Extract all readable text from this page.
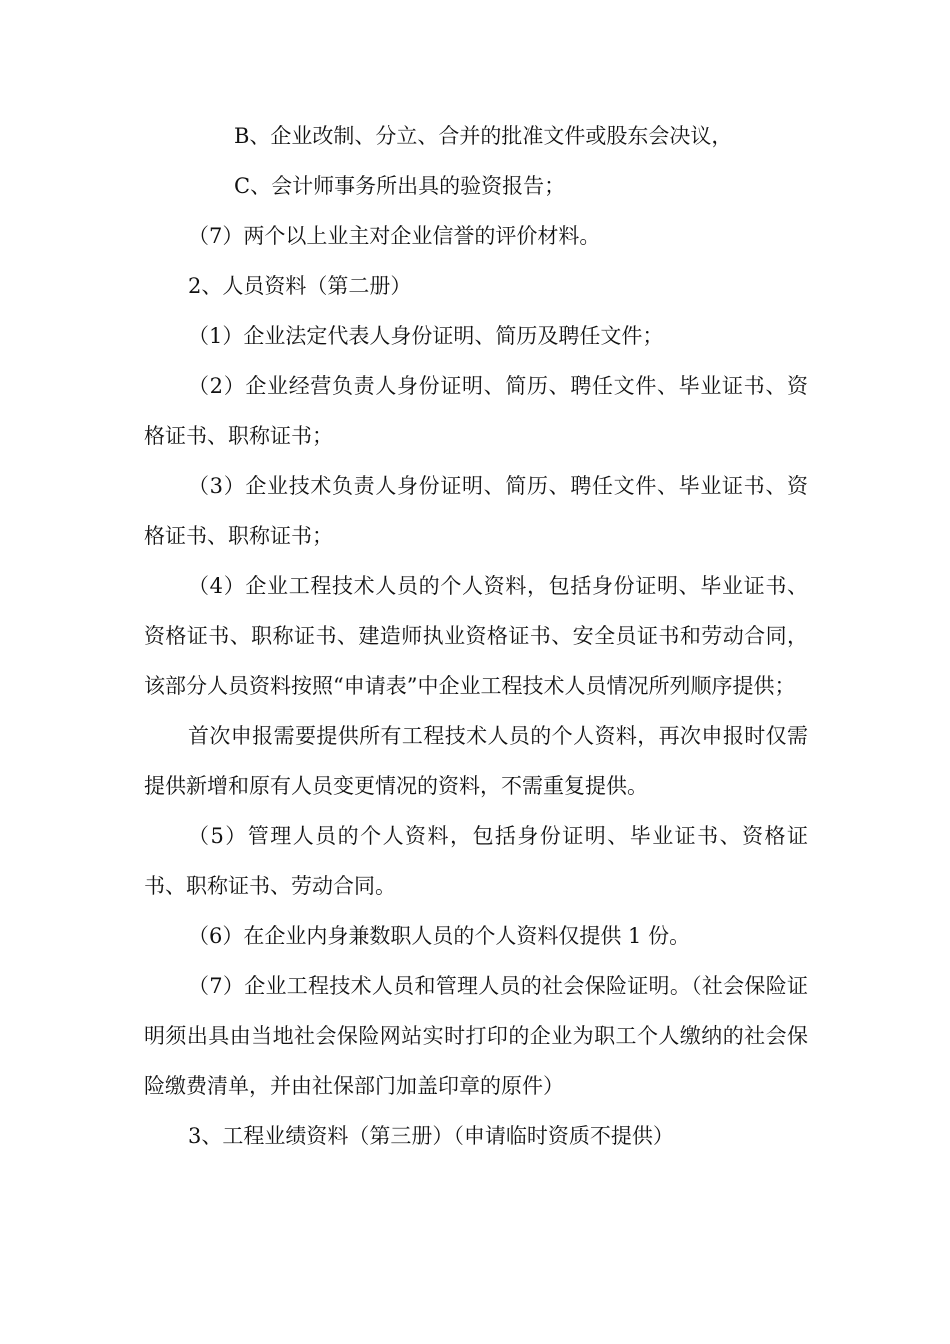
B、企业改制、分立、合并的批准文件或股东会决议，

C、会计师事务所出具的验资报告；

（7）两个以上业主对企业信誉的评价材料。

2、人员资料（第二册）

（1）企业法定代表人身份证明、简历及聘任文件；

（2）企业经营负责人身份证明、简历、聘任文件、毕业证书、资格证书、职称证书；

（3）企业技术负责人身份证明、简历、聘任文件、毕业证书、资格证书、职称证书；

（4）企业工程技术人员的个人资料，包括身份证明、毕业证书、资格证书、职称证书、建造师执业资格证书、安全员证书和劳动合同，该部分人员资料按照“申请表”中企业工程技术人员情况所列顺序提供；

首次申报需要提供所有工程技术人员的个人资料，再次申报时仅需提供新增和原有人员变更情况的资料，不需重复提供。

（5）管理人员的个人资料，包括身份证明、毕业证书、资格证书、职称证书、劳动合同。

（6）在企业内身兼数职人员的个人资料仅提供 1 份。

（7）企业工程技术人员和管理人员的社会保险证明。（社会保险证明须出具由当地社会保险网站实时打印的企业为职工个人缴纳的社会保险缴费清单，并由社保部门加盖印章的原件）

3、工程业绩资料（第三册）（申请临时资质不提供）
